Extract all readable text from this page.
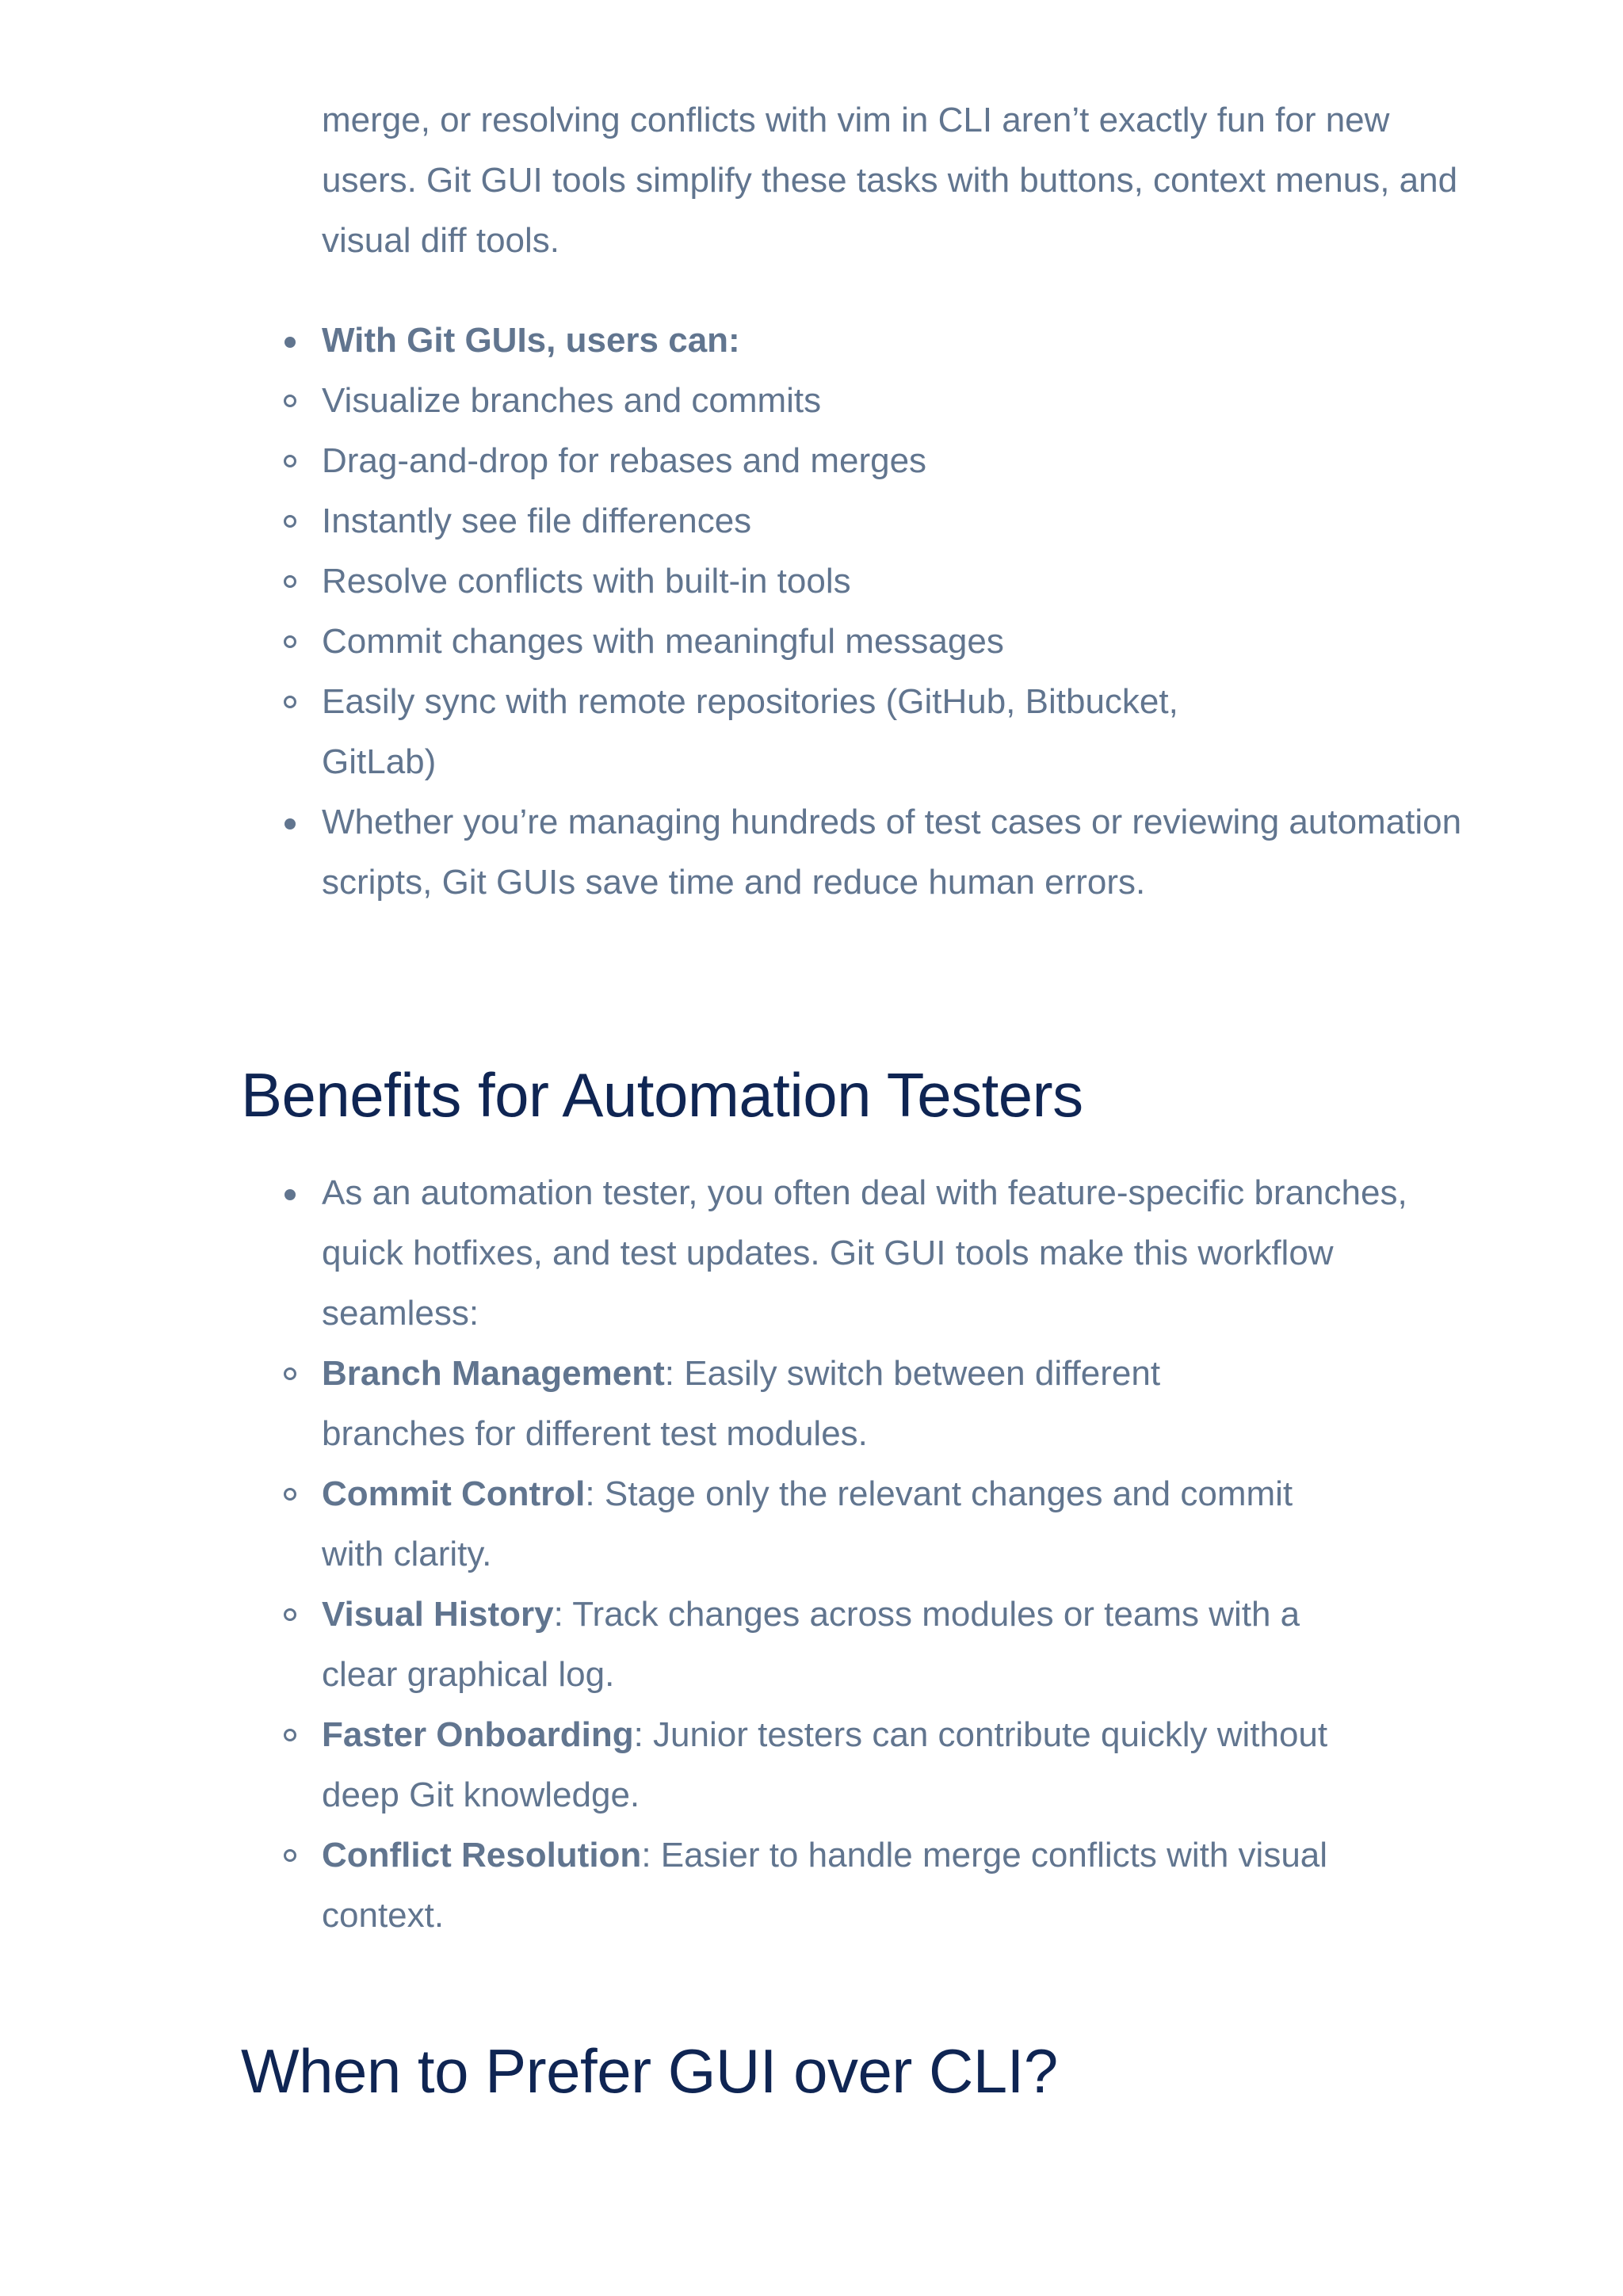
merge, or resolving conflicts with vim in CLI aren’t exactly fun for new users. Git GUI tools simplify these tasks with buttons, context menus, and visual diff tools.

With Git GUIs, users can:
Visualize branches and commits
Drag-and-drop for rebases and merges
Instantly see file differences
Resolve conflicts with built-in tools
Commit changes with meaningful messages
Easily sync with remote repositories (GitHub, Bitbucket, GitLab)
Whether you’re managing hundreds of test cases or reviewing automation scripts, Git GUIs save time and reduce human errors.
Benefits for Automation Testers
As an automation tester, you often deal with feature-specific branches, quick hotfixes, and test updates. Git GUI tools make this workflow seamless:
Branch Management: Easily switch between different branches for different test modules.
Commit Control: Stage only the relevant changes and commit with clarity.
Visual History: Track changes across modules or teams with a clear graphical log.
Faster Onboarding: Junior testers can contribute quickly without deep Git knowledge.
Conflict Resolution: Easier to handle merge conflicts with visual context.
When to Prefer GUI over CLI?
